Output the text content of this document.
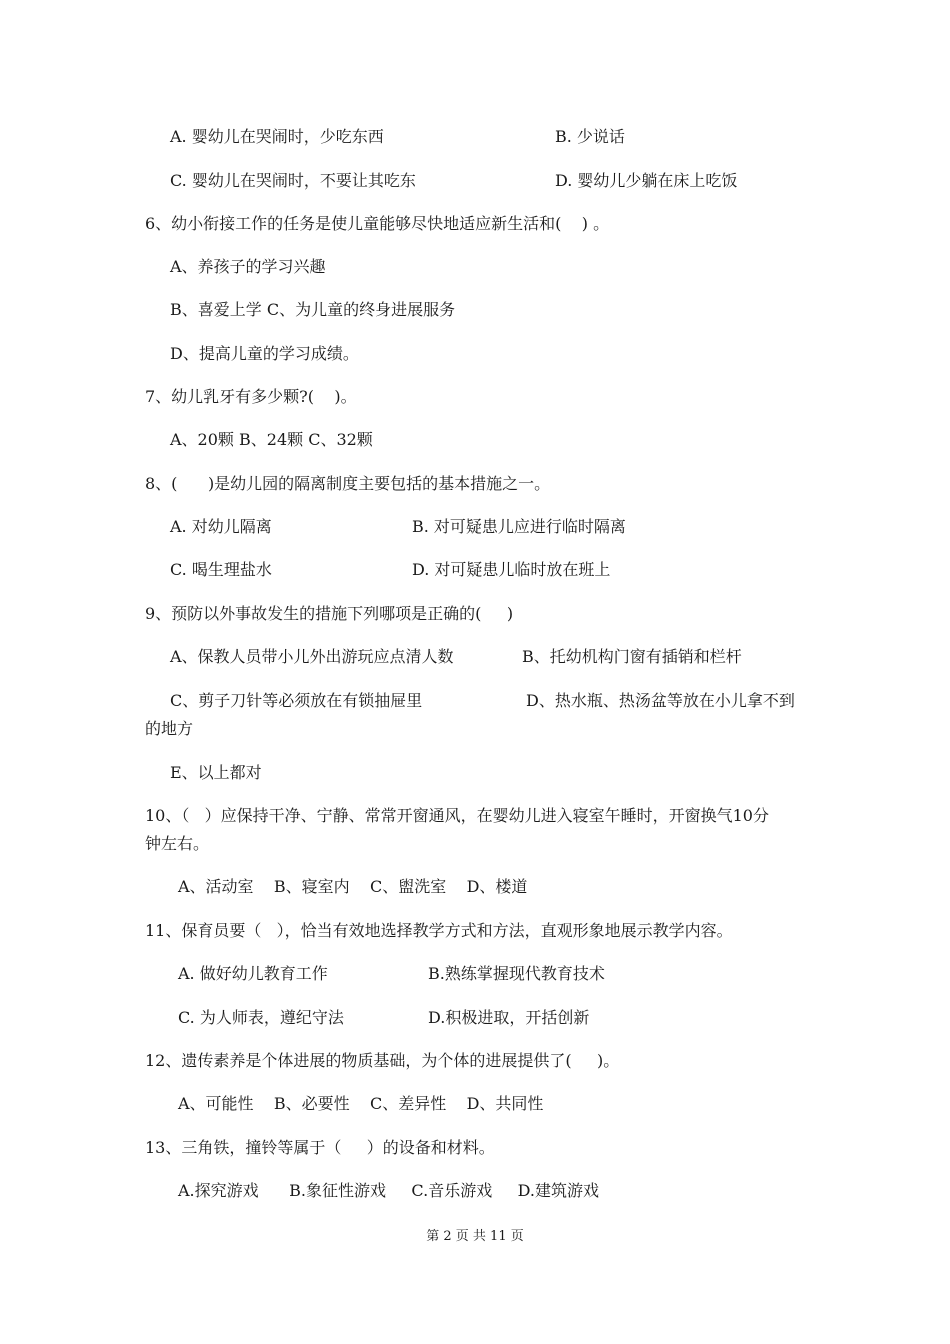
A. 婴幼儿在哭闹时，少吃东西	B. 少说话
C. 婴幼儿在哭闹时，不要让其吃东	D. 婴幼儿少躺在床上吃饭
6、幼小衔接工作的任务是使儿童能够尽快地适应新生活和(    ) 。
A、养孩子的学习兴趣
B、喜爱上学 C、为儿童的终身进展服务
D、提高儿童的学习成绩。
7、幼儿乳牙有多少颗?(    )。
A、20颗 B、24颗 C、32颗
8、(      )是幼儿园的隔离制度主要包括的基本措施之一。
A. 对幼儿隔离	B. 对可疑患儿应进行临时隔离
C. 喝生理盐水	D. 对可疑患儿临时放在班上
9、预防以外事故发生的措施下列哪项是正确的(     )
A、保教人员带小儿外出游玩应点清人数	B、托幼机构门窗有插销和栏杆
C、剪子刀针等必须放在有锁抽屉里	D、热水瓶、热汤盆等放在小儿拿不到
的地方
E、以上都对
10、（   ）应保持干净、宁静、常常开窗通风，在婴幼儿进入寝室午睡时，开窗换气10分
钟左右。
A、活动室    B、寝室内    C、盥洗室    D、楼道
11、保育员要（   ），恰当有效地选择教学方式和方法，直观形象地展示教学内容。
A. 做好幼儿教育工作	B.熟练掌握现代教育技术
C. 为人师表，遵纪守法	D.积极进取，开括创新
12、遗传素养是个体进展的物质基础，为个体的进展提供了(     )。
A、可能性    B、必要性    C、差异性    D、共同性
13、三角铁，撞铃等属于（     ）的设备和材料。
A.探究游戏      B.象征性游戏     C.音乐游戏     D.建筑游戏
第 2 页 共 11 页
